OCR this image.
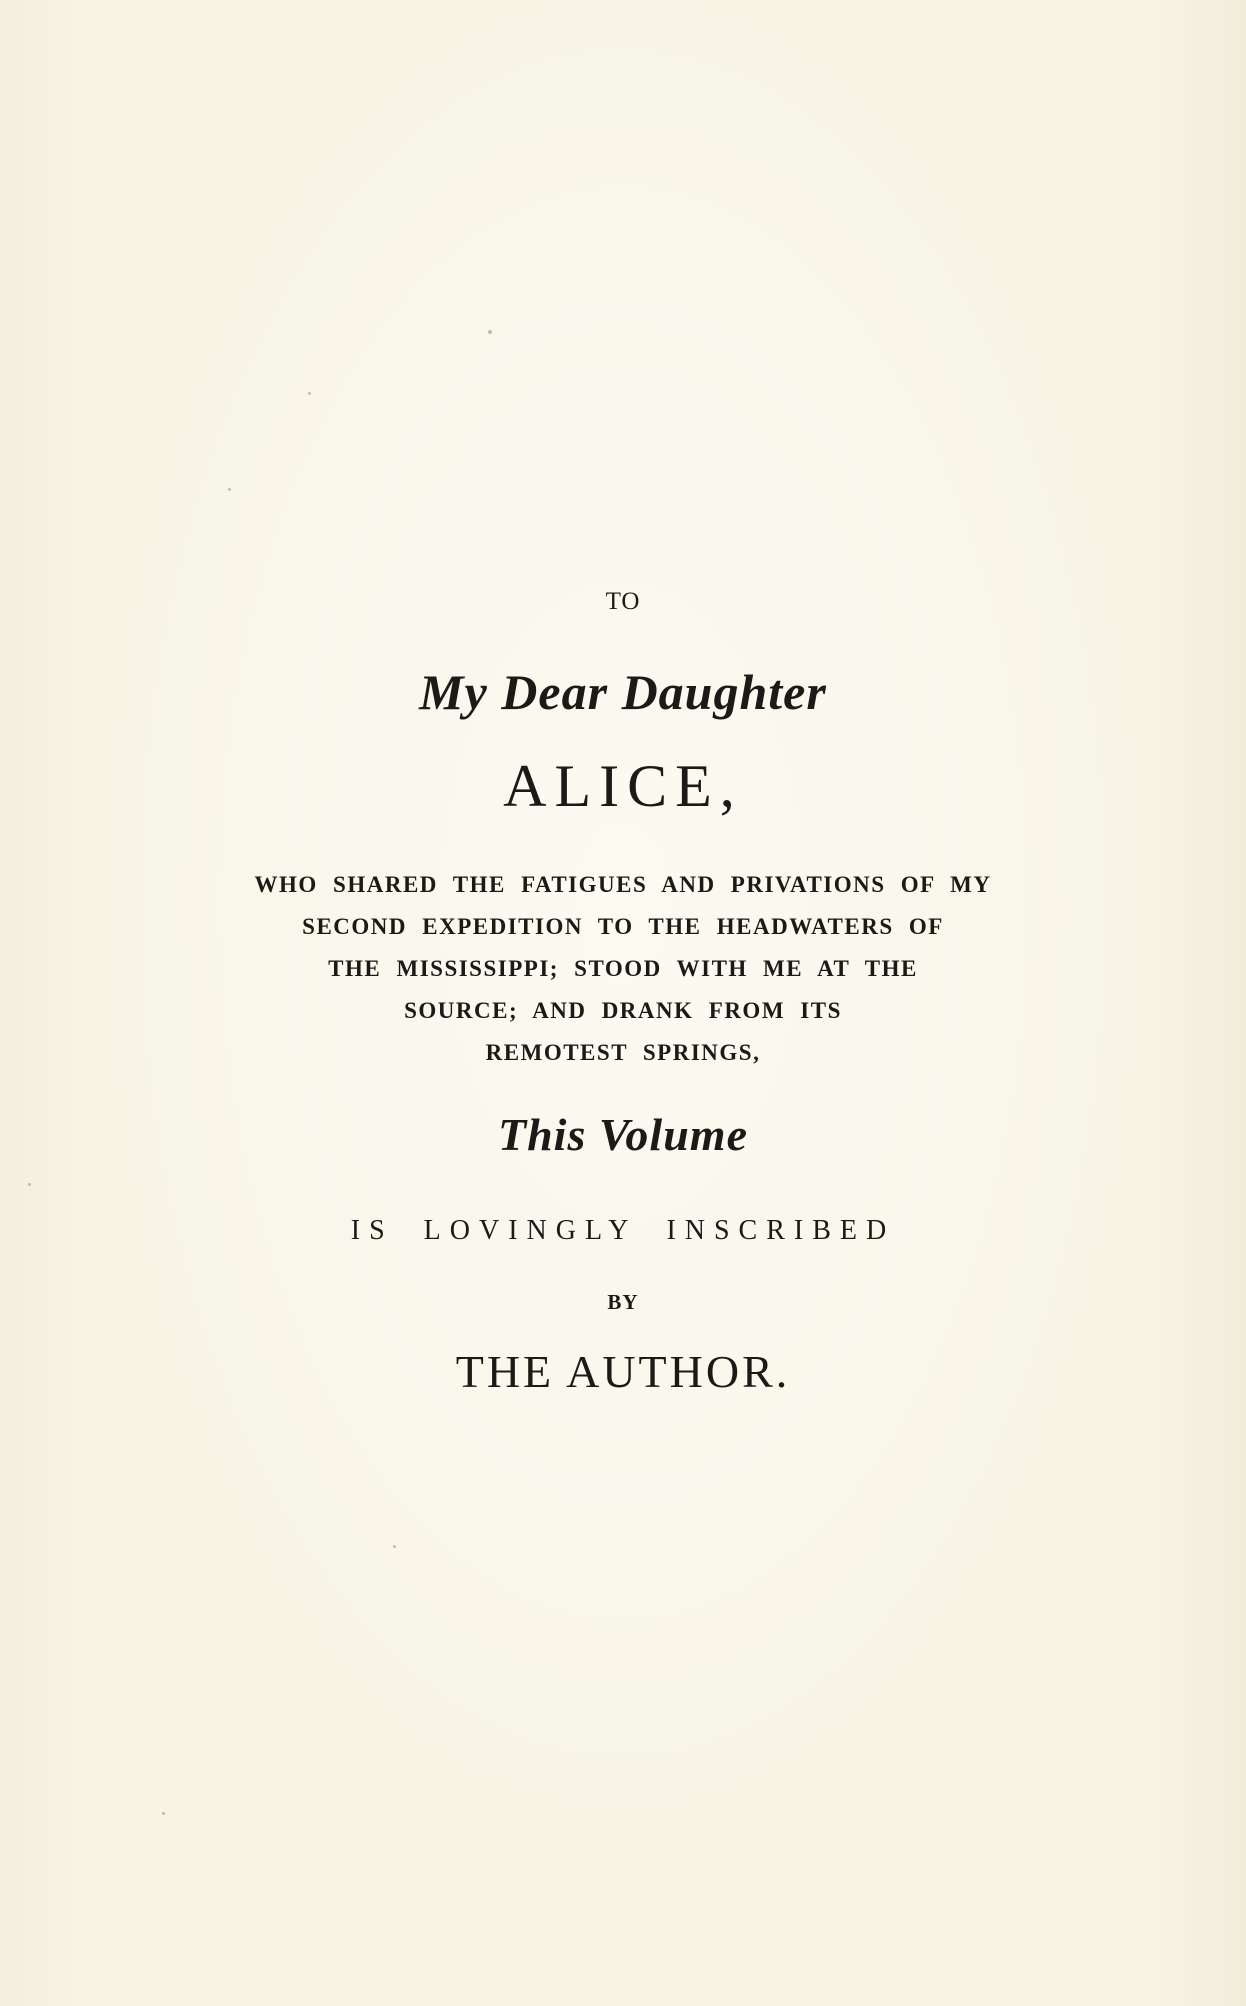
TO
My Dear Daughter
ALICE,
WHO SHARED THE FATIGUES AND PRIVATIONS OF MY
SECOND EXPEDITION TO THE HEADWATERS OF
THE MISSISSIPPI; STOOD WITH ME AT THE
SOURCE; AND DRANK FROM ITS
REMOTEST SPRINGS,
This Volume
IS LOVINGLY INSCRIBED
BY
THE AUTHOR.
